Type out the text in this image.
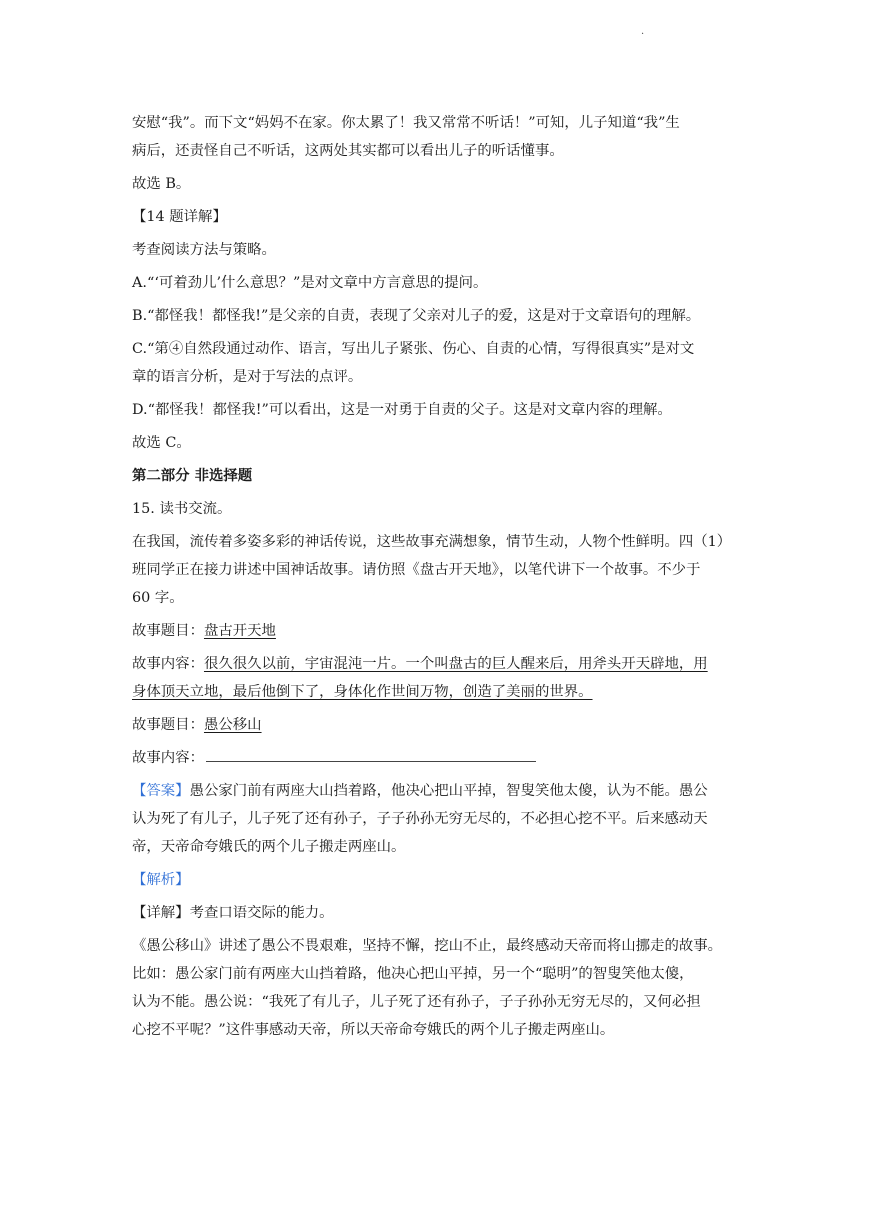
·
安慰“我”。而下文“妈妈不在家。你太累了！我又常常不听话！”可知，儿子知道“我”生
病后，还责怪自己不听话，这两处其实都可以看出儿子的听话懂事。
故选 B。
【14 题详解】
考查阅读方法与策略。
A.“‘可着劲儿’什么意思？”是对文章中方言意思的提问。
B.“都怪我！都怪我!”是父亲的自责，表现了父亲对儿子的爱，这是对于文章语句的理解。
C.“第④自然段通过动作、语言，写出儿子紧张、伤心、自责的心情，写得很真实”是对文
章的语言分析，是对于写法的点评。
D.“都怪我！都怪我!”可以看出，这是一对勇于自责的父子。这是对文章内容的理解。
故选 C。
第二部分 非选择题
15. 读书交流。
在我国，流传着多姿多彩的神话传说，这些故事充满想象，情节生动，人物个性鲜明。四（1）
班同学正在接力讲述中国神话故事。请仿照《盘古开天地》，以笔代讲下一个故事。不少于
60 字。
故事题目：盘古开天地
故事内容：很久很久以前，宇宙混沌一片。一个叫盘古的巨人醒来后，用斧头开天辟地，用
身体顶天立地，最后他倒下了，身体化作世间万物，创造了美丽的世界。
故事题目：愚公移山
故事内容：
【答案】愚公家门前有两座大山挡着路，他决心把山平掉，智叟笑他太傻，认为不能。愚公
认为死了有儿子，儿子死了还有孙子，子子孙孙无穷无尽的，不必担心挖不平。后来感动天
帝，天帝命夸娥氏的两个儿子搬走两座山。
【解析】
【详解】考查口语交际的能力。
《愚公移山》讲述了愚公不畏艰难，坚持不懈，挖山不止，最终感动天帝而将山挪走的故事。
比如：愚公家门前有两座大山挡着路，他决心把山平掉，另一个“聪明”的智叟笑他太傻，
认为不能。愚公说：“我死了有儿子，儿子死了还有孙子，子子孙孙无穷无尽的，又何必担
心挖不平呢？”这件事感动天帝，所以天帝命夸娥氏的两个儿子搬走两座山。
